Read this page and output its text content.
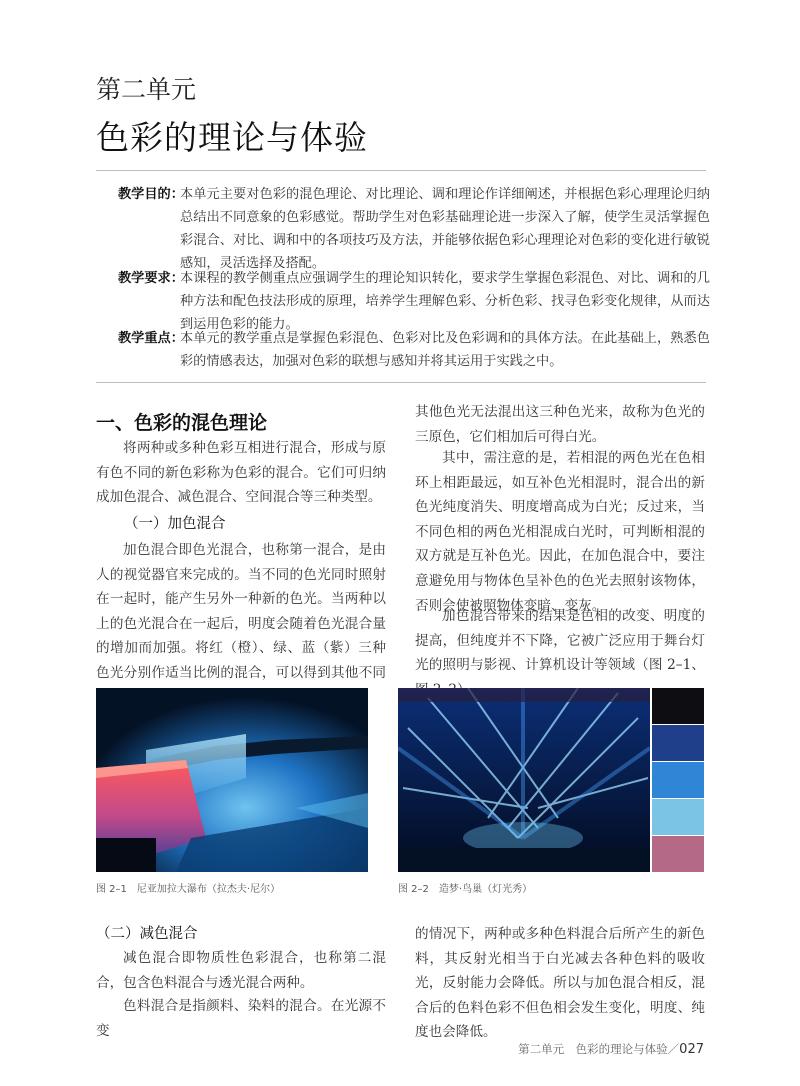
第二单元
色彩的理论与体验
教学目的：
本单元主要对色彩的混色理论、对比理论、调和理论作详细阐述，并根据色彩心理理论归纳总结出不同意象的色彩感觉。帮助学生对色彩基础理论进一步深入了解，使学生灵活掌握色彩混合、对比、调和中的各项技巧及方法，并能够依据色彩心理理论对色彩的变化进行敏锐感知，灵活选择及搭配。
教学要求：
本课程的教学侧重点应强调学生的理论知识转化，要求学生掌握色彩混色、对比、调和的几种方法和配色技法形成的原理，培养学生理解色彩、分析色彩、找寻色彩变化规律，从而达到运用色彩的能力。
教学重点：
本单元的教学重点是掌握色彩混色、色彩对比及色彩调和的具体方法。在此基础上，熟悉色彩的情感表达，加强对色彩的联想与感知并将其运用于实践之中。
一、色彩的混色理论
将两种或多种色彩互相进行混合，形成与原有色不同的新色彩称为色彩的混合。它们可归纳成加色混合、减色混合、空间混合等三种类型。
（一）加色混合
加色混合即色光混合，也称第一混合，是由人的视觉器官来完成的。当不同的色光同时照射在一起时，能产生另外一种新的色光。当两种以上的色光混合在一起后，明度会随着色光混合量的增加而加强。将红（橙）、绿、蓝（紫）三种色光分别作适当比例的混合，可以得到其他不同
其他色光无法混出这三种色光来，故称为色光的三原色，它们相加后可得白光。
其中，需注意的是，若相混的两色光在色相环上相距最远，如互补色光相混时，混合出的新色光纯度消失、明度增高成为白光；反过来，当不同色相的两色光相混成白光时，可判断相混的双方就是互补色光。因此，在加色混合中，要注意避免用与物体色呈补色的色光去照射该物体，否则会使被照物体变暗、变灰。
加色混合带来的结果是色相的改变、明度的提高，但纯度并不下降，它被广泛应用于舞台灯光的照明与影视、计算机设计等领域（图 2–1、
图 2–1　尼亚加拉大瀑布（拉杰夫·尼尔）	图 2–2　造梦·鸟巢（灯光秀）
（二）减色混合
减色混合即物质性色彩混合，也称第二混合，包含色料混合与透光混合两种。
色料混合是指颜料、染料的混合。在光源不变
的情况下，两种或多种色料混合后所产生的新色料，其反射光相当于白光减去各种色料的吸收光，反射能力会降低。所以与加色混合相反，混合后的色料色彩不但色相会发生变化，明度、纯度也会降低。
第二单元　色彩的理论与体验／027
